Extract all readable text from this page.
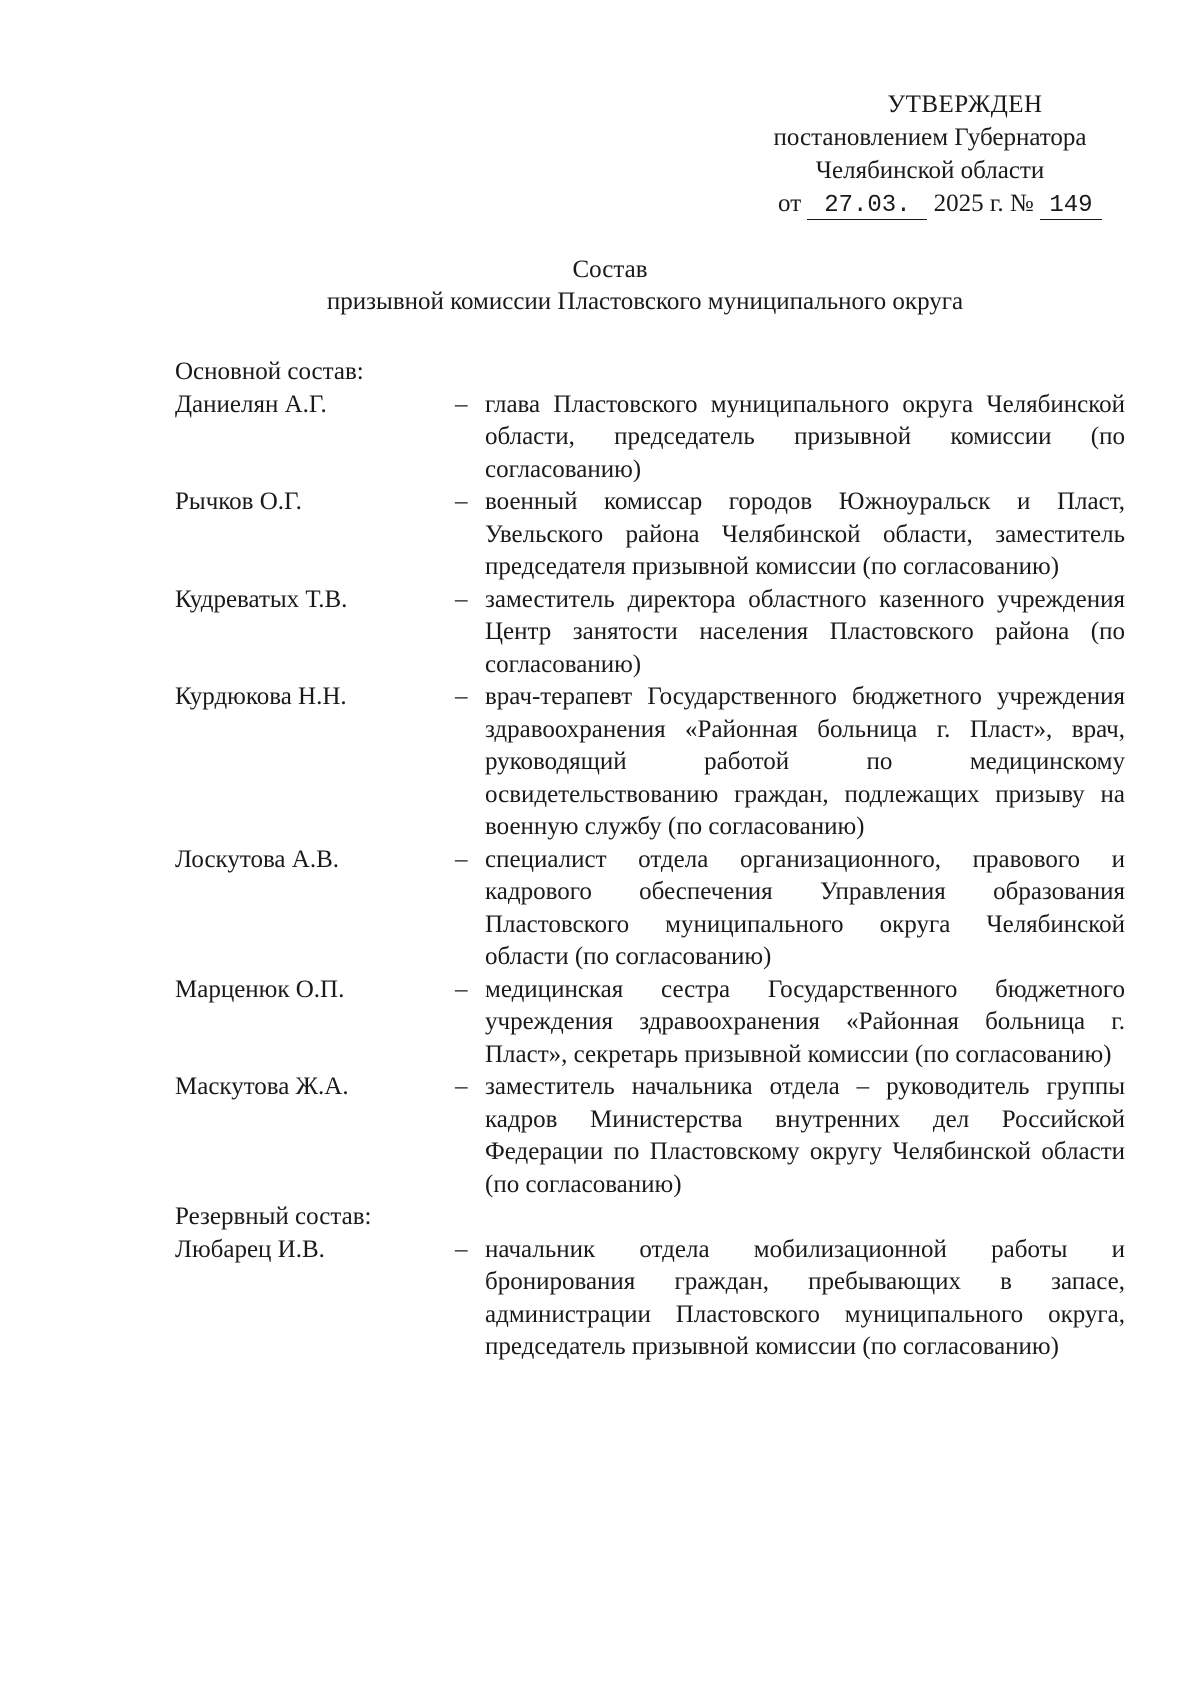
УТВЕРЖДЕН
постановлением Губернатора
Челябинской области
от 27.03. 2025 г. № 149
Состав
призывной комиссии Пластовского муниципального округа
Основной состав:
Даниелян А.Г.	– глава Пластовского муниципального округа Челябинской области, председатель призывной комиссии (по согласованию)
Рычков О.Г.	– военный комиссар городов Южноуральск и Пласт, Увельского района Челябинской области, заместитель председателя призывной комиссии (по согласованию)
Кудреватых Т.В.	– заместитель директора областного казенного учреждения Центр занятости населения Пластовского района (по согласованию)
Курдюкова Н.Н.	– врач-терапевт Государственного бюджетного учреждения здравоохранения «Районная больница г. Пласт», врач, руководящий работой по медицинскому освидетельствованию граждан, подлежащих призыву на военную службу (по согласованию)
Лоскутова А.В.	– специалист отдела организационного, правового и кадрового обеспечения Управления образования Пластовского муниципального округа Челябинской области (по согласованию)
Марценюк О.П.	– медицинская сестра Государственного бюджетного учреждения здравоохранения «Районная больница г. Пласт», секретарь призывной комиссии (по согласованию)
Маскутова Ж.А.	– заместитель начальника отдела – руководитель группы кадров Министерства внутренних дел Российской Федерации по Пластовскому округу Челябинской области (по согласованию)
Резервный состав:
Любарец И.В.	– начальник отдела мобилизационной работы и бронирования граждан, пребывающих в запасе, администрации Пластовского муниципального округа, председатель призывной комиссии (по согласованию)
